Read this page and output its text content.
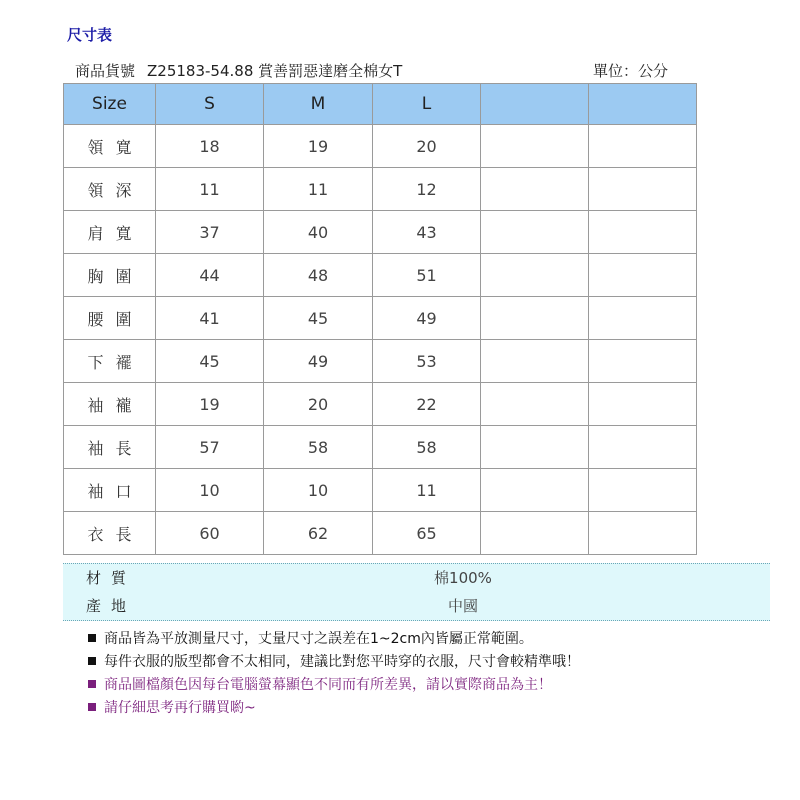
尺寸表
商品貨號 Z25183-54.88 賞善罰惡達磨全棉女T	單位：公分
Size	S	M	L		
領寬	18	19	20		
領深	11	11	12		
肩寬	37	40	43		
胸圍	44	48	51		
腰圍	41	45	49		
下襬	45	49	53		
袖襱	19	20	22		
袖長	57	58	58		
袖口	10	10	11		
衣長	60	62	65		
材質	棉100%
產地	中國
商品皆為平放測量尺寸，丈量尺寸之誤差在1~2cm內皆屬正常範圍。
每件衣服的版型都會不太相同，建議比對您平時穿的衣服，尺寸會較精準哦！
商品圖檔顏色因每台電腦螢幕顯色不同而有所差異，請以實際商品為主！
請仔細思考再行購買喲~
